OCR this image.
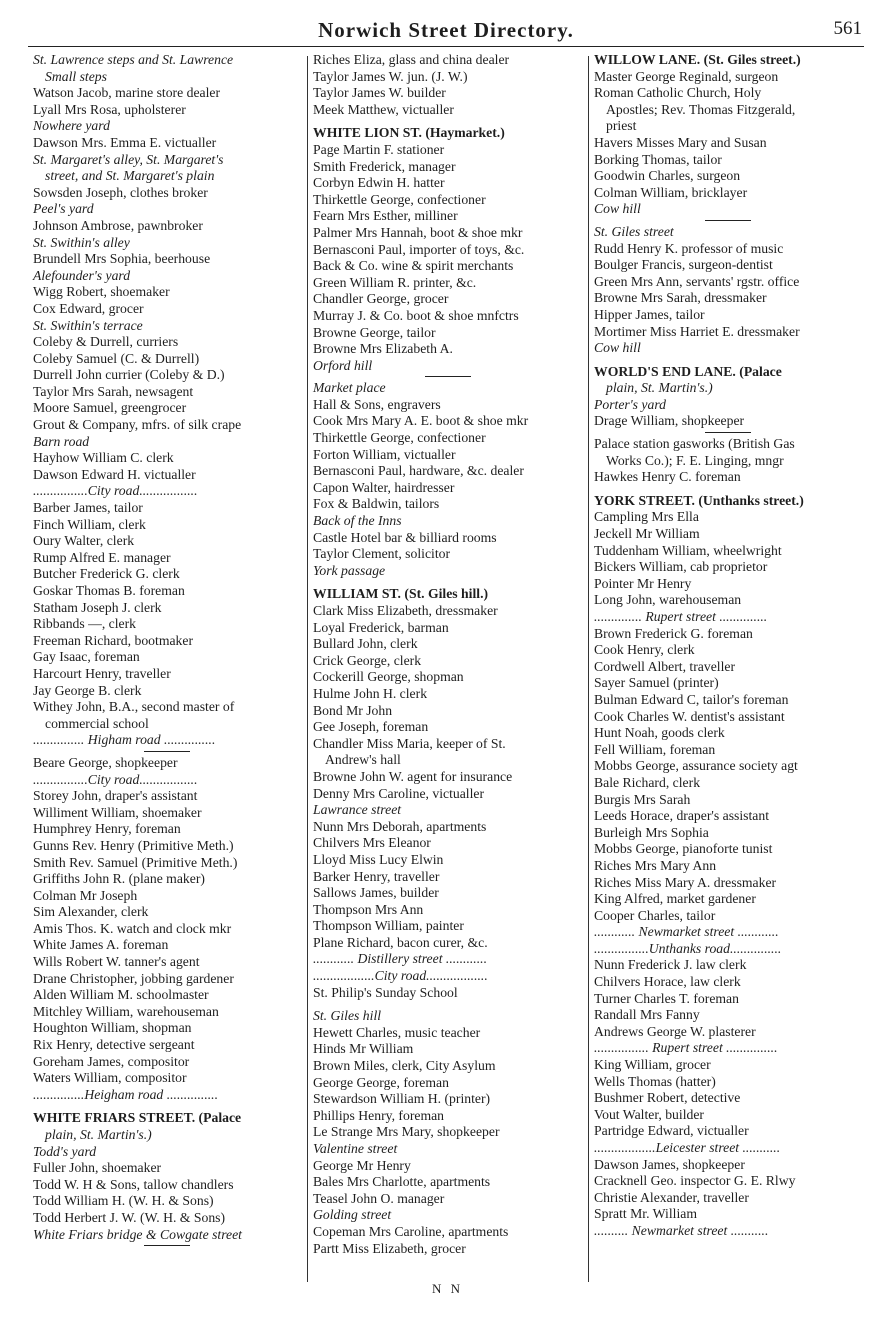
Norwich Street Directory.	561
St. Lawrence steps and St. Lawrence
Small steps
Watson Jacob, marine store dealer
Lyall Mrs Rosa, upholsterer
Nowhere yard
Dawson Mrs. Emma E. victualler
St. Margaret's alley, St. Margaret's
street, and St. Margaret's plain
Sowsden Joseph, clothes broker
Peel's yard
Johnson Ambrose, pawnbroker
St. Swithin's alley
Brundell Mrs Sophia, beerhouse
Alefounder's yard
Wigg Robert, shoemaker
Cox Edward, grocer
St. Swithin's terrace
Coleby & Durrell, curriers
Coleby Samuel (C. & Durrell)
Durrell John currier (Coleby & D.)
Taylor Mrs Sarah, newsagent
Moore Samuel, greengrocer
Grout & Company, mfrs. of silk crape
Barn road
Hayhow William C. clerk
Dawson Edward H. victualler
................City road.................
Barber James, tailor
Finch William, clerk
Oury Walter, clerk
Rump Alfred E. manager
Butcher Frederick G. clerk
Goskar Thomas B. foreman
Statham Joseph J. clerk
Ribbands —, clerk
Freeman Richard, bootmaker
Gay Isaac, foreman
Harcourt Henry, traveller
Jay George B. clerk
Withey John, B.A., second master of
commercial school
............... Higham road ...............
Beare George, shopkeeper
................City road.................
Storey John, draper's assistant
Williment William, shoemaker
Humphrey Henry, foreman
Gunns Rev. Henry (Primitive Meth.)
Smith Rev. Samuel (Primitive Meth.)
Griffiths John R. (plane maker)
Colman Mr Joseph
Sim Alexander, clerk
Amis Thos. K. watch and clock mkr
White James A. foreman
Wills Robert W. tanner's agent
Drane Christopher, jobbing gardener
Alden William M. schoolmaster
Mitchley William, warehouseman
Houghton William, shopman
Rix Henry, detective sergeant
Goreham James, compositor
Waters William, compositor
...............Heigham road ...............
WHITE FRIARS STREET. (Palace
plain, St. Martin's.)
Todd's yard
Fuller John, shoemaker
Todd W. H & Sons, tallow chandlers
Todd William H. (W. H. & Sons)
Todd Herbert J. W. (W. H. & Sons)
White Friars bridge & Cowgate street
Riches Eliza, glass and china dealer
Taylor James W. jun. (J. W.)
Taylor James W. builder
Meek Matthew, victualler
WHITE LION ST. (Haymarket.)
Page Martin F. stationer
Smith Frederick, manager
Corbyn Edwin H. hatter
Thirkettle George, confectioner
Fearn Mrs Esther, milliner
Palmer Mrs Hannah, boot & shoe mkr
Bernasconi Paul, importer of toys, &c.
Back & Co. wine & spirit merchants
Green William R. printer, &c.
Chandler George, grocer
Murray J. & Co. boot & shoe mnfctrs
Browne George, tailor
Browne Mrs Elizabeth A.
Orford hill
Market place
Hall & Sons, engravers
Cook Mrs Mary A. E. boot & shoe mkr
Thirkettle George, confectioner
Forton William, victualler
Bernasconi Paul, hardware, &c. dealer
Capon Walter, hairdresser
Fox & Baldwin, tailors
Back of the Inns
Castle Hotel bar & billiard rooms
Taylor Clement, solicitor
York passage
WILLIAM ST. (St. Giles hill.)
Clark Miss Elizabeth, dressmaker
Loyal Frederick, barman
Bullard John, clerk
Crick George, clerk
Cockerill George, shopman
Hulme John H. clerk
Bond Mr John
Gee Joseph, foreman
Chandler Miss Maria, keeper of St.
Andrew's hall
Browne John W. agent for insurance
Denny Mrs Caroline, victualler
Lawrance street
Nunn Mrs Deborah, apartments
Chilvers Mrs Eleanor
Lloyd Miss Lucy Elwin
Barker Henry, traveller
Sallows James, builder
Thompson Mrs Ann
Thompson William, painter
Plane Richard, bacon curer, &c.
............ Distillery street ............
..................City road..................
St. Philip's Sunday School
St. Giles hill
Hewett Charles, music teacher
Hinds Mr William
Brown Miles, clerk, City Asylum
George George, foreman
Stewardson William H. (printer)
Phillips Henry, foreman
Le Strange Mrs Mary, shopkeeper
Valentine street
George Mr Henry
Bales Mrs Charlotte, apartments
Teasel John O. manager
Golding street
Copeman Mrs Caroline, apartments
Partt Miss Elizabeth, grocer
WILLOW LANE. (St. Giles street.)
Master George Reginald, surgeon
Roman Catholic Church, Holy
Apostles; Rev. Thomas Fitzgerald,
priest
Havers Misses Mary and Susan
Borking Thomas, tailor
Goodwin Charles, surgeon
Colman William, bricklayer
Cow hill
St. Giles street
Rudd Henry K. professor of music
Boulger Francis, surgeon-dentist
Green Mrs Ann, servants' rgstr. office
Browne Mrs Sarah, dressmaker
Hipper James, tailor
Mortimer Miss Harriet E. dressmaker
Cow hill
WORLD'S END LANE. (Palace
plain, St. Martin's.)
Porter's yard
Drage William, shopkeeper
Palace station gasworks (British Gas
Works Co.); F. E. Linging, mngr
Hawkes Henry C. foreman
YORK STREET. (Unthanks street.)
Campling Mrs Ella
Jeckell Mr William
Tuddenham William, wheelwright
Bickers William, cab proprietor
Pointer Mr Henry
Long John, warehouseman
.............. Rupert street ..............
Brown Frederick G. foreman
Cook Henry, clerk
Cordwell Albert, traveller
Sayer Samuel (printer)
Bulman Edward C, tailor's foreman
Cook Charles W. dentist's assistant
Hunt Noah, goods clerk
Fell William, foreman
Mobbs George, assurance society agt
Bale Richard, clerk
Burgis Mrs Sarah
Leeds Horace, draper's assistant
Burleigh Mrs Sophia
Mobbs George, pianoforte tunist
Riches Mrs Mary Ann
Riches Miss Mary A. dressmaker
King Alfred, market gardener
Cooper Charles, tailor
............ Newmarket street ............
................Unthanks road...............
Nunn Frederick J. law clerk
Chilvers Horace, law clerk
Turner Charles T. foreman
Randall Mrs Fanny
Andrews George W. plasterer
................ Rupert street ...............
King William, grocer
Wells Thomas (hatter)
Bushmer Robert, detective
Vout Walter, builder
Partridge Edward, victualler
..................Leicester street ...........
Dawson James, shopkeeper
Cracknell Geo. inspector G. E. Rlwy
Christie Alexander, traveller
Spratt Mr. William
.......... Newmarket street ...........
N N
